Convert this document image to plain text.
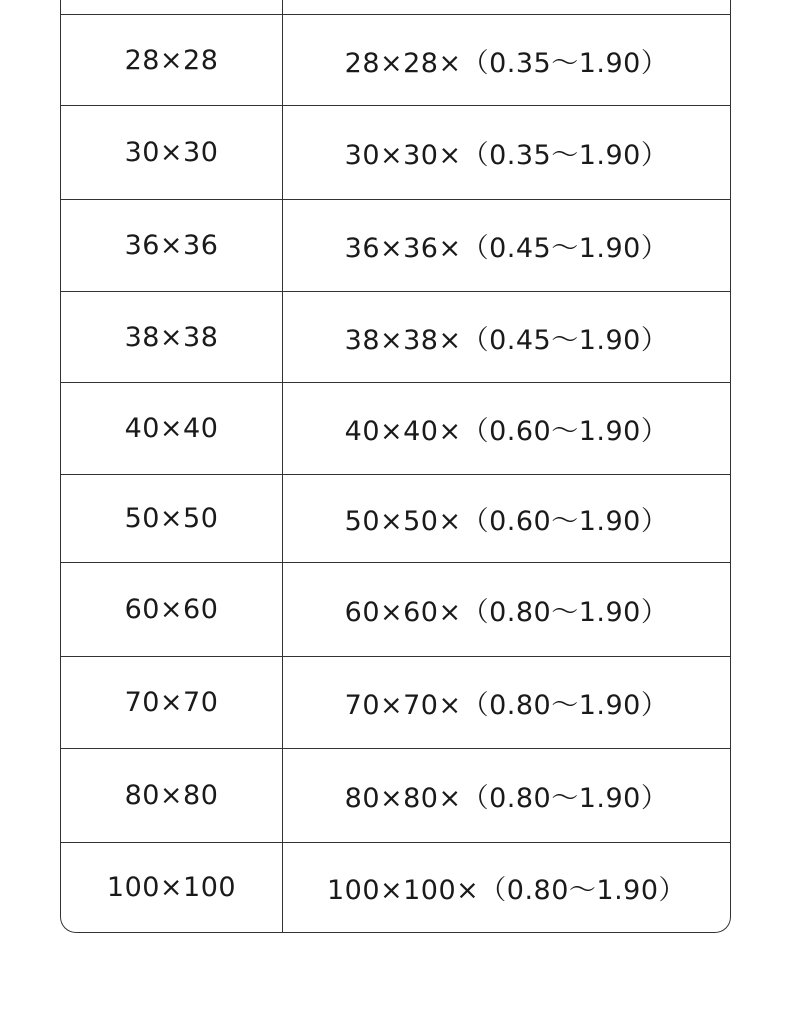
28×28	28×28×（0.35～1.90）
30×30	30×30×（0.35～1.90）
36×36	36×36×（0.45～1.90）
38×38	38×38×（0.45～1.90）
40×40	40×40×（0.60～1.90）
50×50	50×50×（0.60～1.90）
60×60	60×60×（0.80～1.90）
70×70	70×70×（0.80～1.90）
80×80	80×80×（0.80～1.90）
100×100	100×100×（0.80～1.90）
